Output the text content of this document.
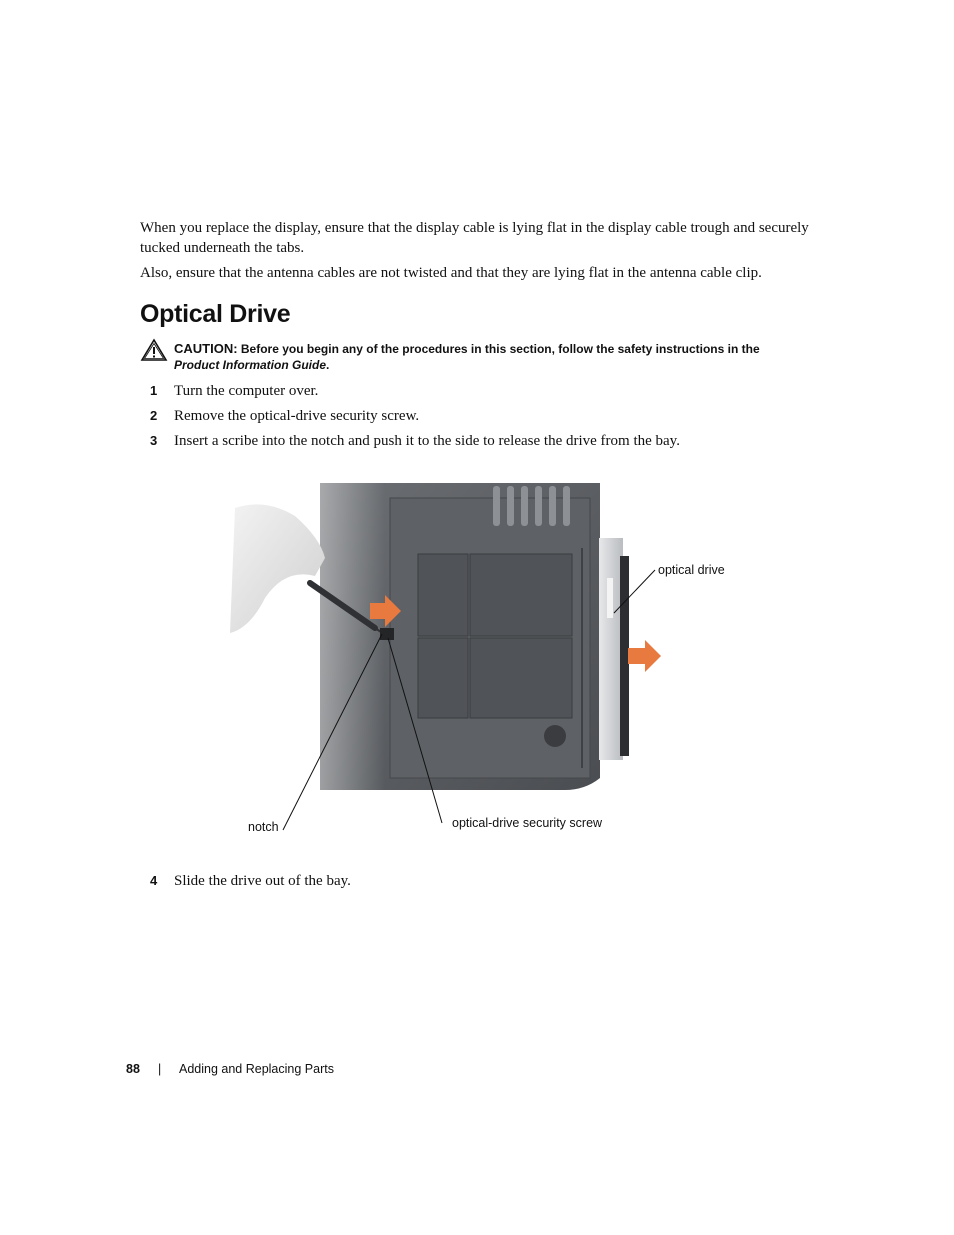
When you replace the display, ensure that the display cable is lying flat in the display cable trough and securely tucked underneath the tabs.

Also, ensure that the antenna cables are not twisted and that they are lying flat in the antenna cable clip.

Optical Drive
CAUTION: Before you begin any of the procedures in this section, follow the safety instructions in the
Product Information Guide.
1 Turn the computer over.
2 Remove the optical-drive security screw.
3 Insert a scribe into the notch and push it to the side to release the drive from the bay.
optical drive
notch	optical-drive security screw
4 Slide the drive out of the bay.
88 | Adding and Replacing Parts
